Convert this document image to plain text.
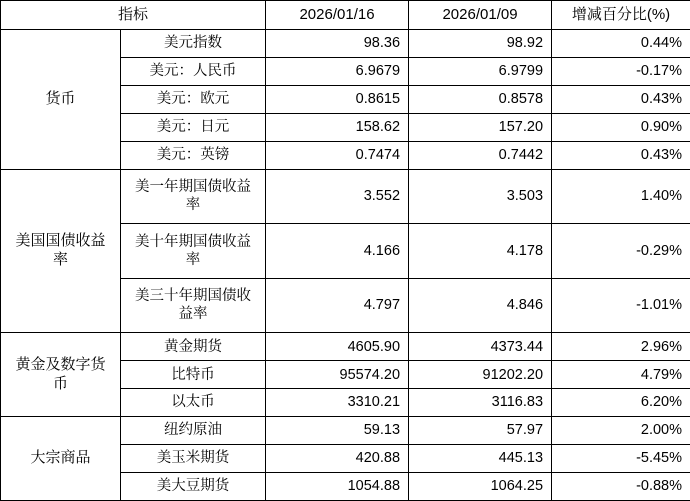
指标		2026/01/16	2026/01/09	增减百分比(%)
货币	美元指数	98.36	98.92	0.44%
	美元：人民币	6.9679	6.9799	-0.17%
	美元：欧元	0.8615	0.8578	0.43%
	美元：日元	158.62	157.20	0.90%
	美元：英镑	0.7474	0.7442	0.43%
美国国债收益率	美一年期国债收益率	3.552	3.503	1.40%
	美十年期国债收益率	4.166	4.178	-0.29%
	美三十年期国债收益率	4.797	4.846	-1.01%
黄金及数字货币	黄金期货	4605.90	4373.44	2.96%
	比特币	95574.20	91202.20	4.79%
	以太币	3310.21	3116.83	6.20%
大宗商品	纽约原油	59.13	57.97	2.00%
	美玉米期货	420.88	445.13	-5.45%
	美大豆期货	1054.88	1064.25	-0.88%
